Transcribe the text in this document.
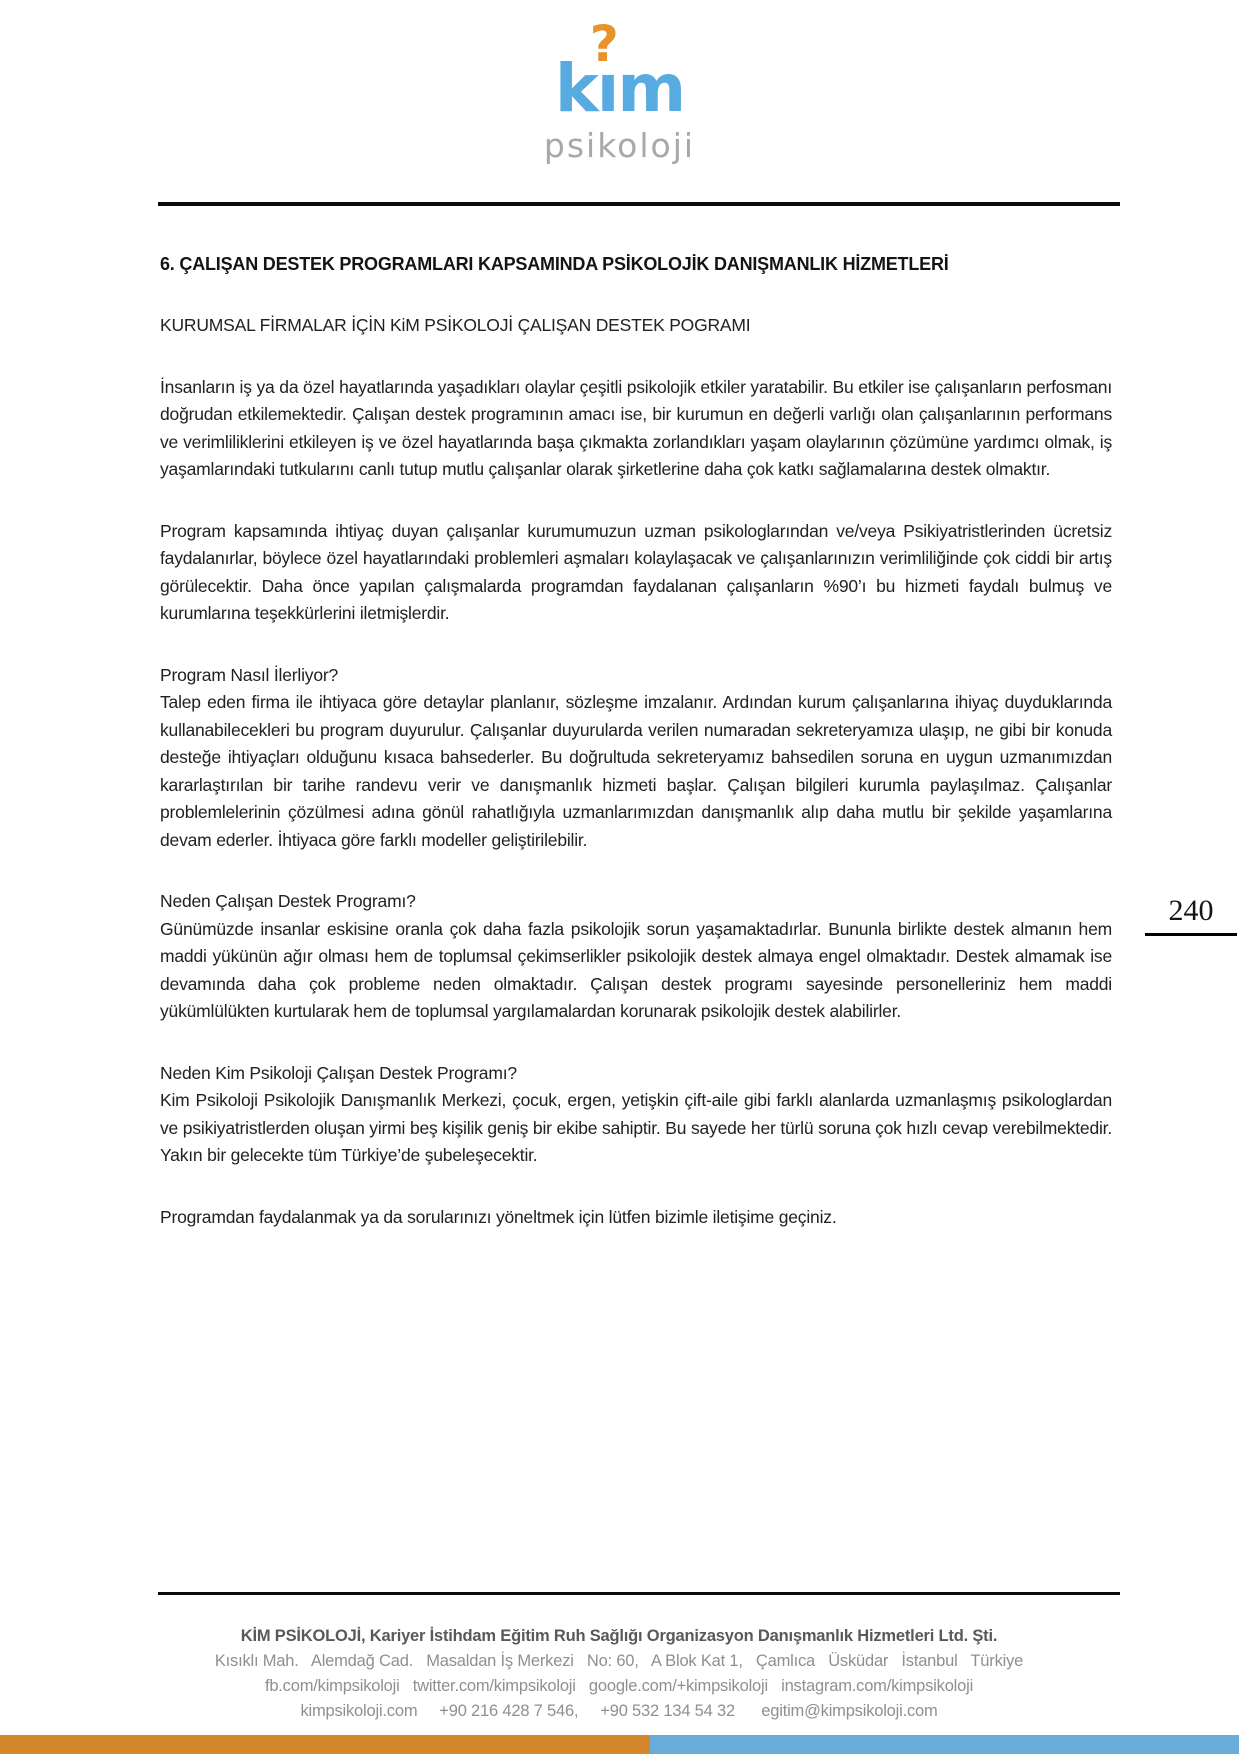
k
?
ım
psikoloji
6. ÇALIŞAN DESTEK PROGRAMLARI KAPSAMINDA PSİKOLOJİK DANIŞMANLIK HİZMETLERİ
KURUMSAL FİRMALAR İÇİN KiM PSİKOLOJİ ÇALIŞAN DESTEK POGRAMI

İnsanların iş ya da özel hayatlarında yaşadıkları olaylar çeşitli psikolojik etkiler yaratabilir. Bu etkiler ise çalışanların perfosmanı doğrudan etkilemektedir. Çalışan destek programının amacı ise, bir kurumun en değerli varlığı olan çalışanlarının performans ve verimliliklerini etkileyen iş ve özel hayatlarında başa çıkmakta zorlandıkları yaşam olaylarının çözümüne yardımcı olmak, iş yaşamlarındaki tutkularını canlı tutup mutlu çalışanlar olarak şirketlerine daha çok katkı sağlamalarına destek olmaktır.

Program kapsamında ihtiyaç duyan çalışanlar kurumumuzun uzman psikologlarından ve/veya Psikiyatristlerinden ücretsiz faydalanırlar, böylece özel hayatlarındaki problemleri aşmaları kolaylaşacak ve çalışanlarınızın verimliliğinde çok ciddi bir artış görülecektir. Daha önce yapılan çalışmalarda programdan faydalanan çalışanların %90’ı bu hizmeti faydalı bulmuş ve kurumlarına teşekkürlerini iletmişlerdir.

Program Nasıl İlerliyor?

Talep eden firma ile ihtiyaca göre detaylar planlanır, sözleşme imzalanır. Ardından kurum çalışanlarına ihiyaç duyduklarında kullanabilecekleri bu program duyurulur. Çalışanlar duyurularda verilen numaradan sekreteryamıza ulaşıp, ne gibi bir konuda desteğe ihtiyaçları olduğunu kısaca bahsederler. Bu doğrultuda sekreteryamız bahsedilen soruna en uygun uzmanımızdan kararlaştırılan bir tarihe randevu verir ve danışmanlık hizmeti başlar. Çalışan bilgileri kurumla paylaşılmaz. Çalışanlar problemlelerinin çözülmesi adına gönül rahatlığıyla uzmanlarımızdan danışmanlık alıp daha mutlu bir şekilde yaşamlarına devam ederler. İhtiyaca göre farklı modeller geliştirilebilir.

Neden Çalışan Destek Programı?

Günümüzde insanlar eskisine oranla çok daha fazla psikolojik sorun yaşamaktadırlar. Bununla birlikte destek almanın hem maddi yükünün ağır olması hem de toplumsal çekimserlikler psikolojik destek almaya engel olmaktadır. Destek almamak ise devamında daha çok probleme neden olmaktadır. Çalışan destek programı sayesinde personelleriniz hem maddi yükümlülükten kurtularak hem de toplumsal yargılamalardan korunarak psikolojik destek alabilirler.

Neden Kim Psikoloji Çalışan Destek Programı?

Kim Psikoloji Psikolojik Danışmanlık Merkezi, çocuk, ergen, yetişkin çift-aile gibi farklı alanlarda uzmanlaşmış psikologlardan ve psikiyatristlerden oluşan yirmi beş kişilik geniş bir ekibe sahiptir. Bu sayede her türlü soruna çok hızlı cevap verebilmektedir. Yakın bir gelecekte tüm Türkiye’de şubeleşecektir.

Programdan faydalanmak ya da sorularınızı yöneltmek için lütfen bizimle iletişime geçiniz.

240
KİM PSİKOLOJİ, Kariyer İstihdam Eğitim Ruh Sağlığı Organizasyon Danışmanlık Hizmetleri Ltd. Şti.
Kısıklı Mah.   Alemdağ Cad.   Masaldan İş Merkezi   No: 60,   A Blok Kat 1,   Çamlıca   Üsküdar   İstanbul   Türkiye
fb.com/kimpsikoloji   twitter.com/kimpsikoloji   google.com/+kimpsikoloji   instagram.com/kimpsikoloji
kimpsikoloji.com     +90 216 428 7 546,     +90 532 134 54 32      egitim@kimpsikoloji.com
